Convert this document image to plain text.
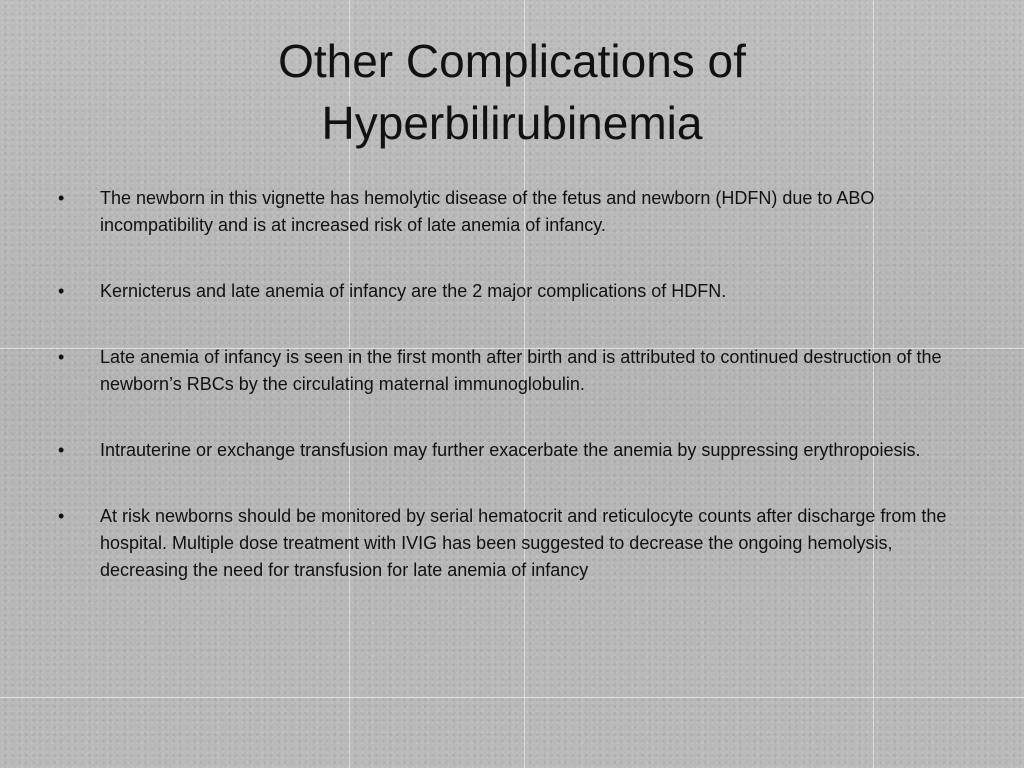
Other Complications of
Hyperbilirubinemia
• The newborn in this vignette has hemolytic disease of the fetus and newborn (HDFN) due to ABO incompatibility and is at increased risk of late anemia of infancy.
• Kernicterus and late anemia of infancy are the 2 major complications of HDFN.
• Late anemia of infancy is seen in the first month after birth and is attributed to continued destruction of the newborn’s RBCs by the circulating maternal immunoglobulin.
• Intrauterine or exchange transfusion may further exacerbate the anemia by suppressing erythropoiesis.
• At risk newborns should be monitored by serial hematocrit and reticulocyte counts after discharge from the hospital. Multiple dose treatment with IVIG has been suggested to decrease the ongoing hemolysis, decreasing the need for transfusion for late anemia of infancy
